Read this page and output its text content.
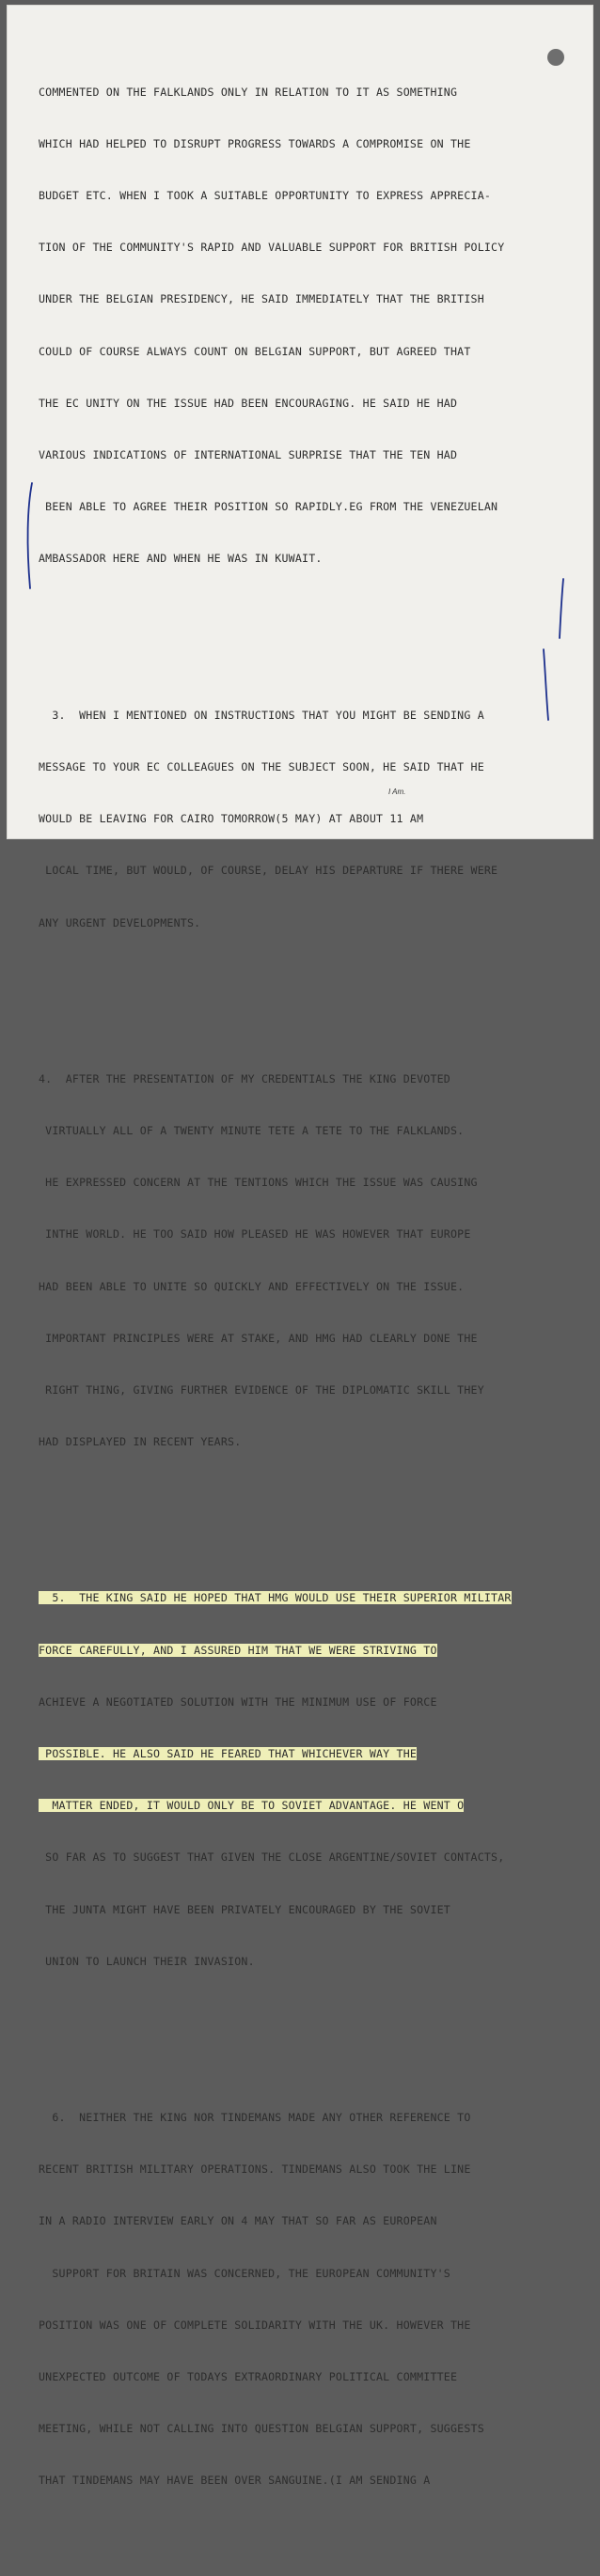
COMMENTED ON THE FALKLANDS ONLY IN RELATION TO IT AS SOMETHING

WHICH HAD HELPED TO DISRUPT PROGRESS TOWARDS A COMPROMISE ON THE

BUDGET ETC. WHEN I TOOK A SUITABLE OPPORTUNITY TO EXPRESS APPRECIA-

TION OF THE COMMUNITY'S RAPID AND VALUABLE SUPPORT FOR BRITISH POLICY

UNDER THE BELGIAN PRESIDENCY, HE SAID IMMEDIATELY THAT THE BRITISH

COULD OF COURSE ALWAYS COUNT ON BELGIAN SUPPORT, BUT AGREED THAT

THE EC UNITY ON THE ISSUE HAD BEEN ENCOURAGING. HE SAID HE HAD

VARIOUS INDICATIONS OF INTERNATIONAL SURPRISE THAT THE TEN HAD

BEEN ABLE TO AGREE THEIR POSITION SO RAPIDLY.EG FROM THE VENEZUELAN

AMBASSADOR HERE AND WHEN HE WAS IN KUWAIT.

3.  WHEN I MENTIONED ON INSTRUCTIONS THAT YOU MIGHT BE SENDING A

MESSAGE TO YOUR EC COLLEAGUES ON THE SUBJECT SOON, HE SAID THAT HE

WOULD BE LEAVING FOR CAIRO TOMORROW(5 MAY) AT ABOUT 11 AM

LOCAL TIME, BUT WOULD, OF COURSE, DELAY HIS DEPARTURE IF THERE WERE

ANY URGENT DEVELOPMENTS.

4.  AFTER THE PRESENTATION OF MY CREDENTIALS THE KING DEVOTED

VIRTUALLY ALL OF A TWENTY MINUTE TETE A TETE TO THE FALKLANDS.

HE EXPRESSED CONCERN AT THE TENTIONS WHICH THE ISSUE WAS CAUSING

INTHE WORLD. HE TOO SAID HOW PLEASED HE WAS HOWEVER THAT EUROPE

HAD BEEN ABLE TO UNITE SO QUICKLY AND EFFECTIVELY ON THE ISSUE.

IMPORTANT PRINCIPLES WERE AT STAKE, AND HMG HAD CLEARLY DONE THE

RIGHT THING, GIVING FURTHER EVIDENCE OF THE DIPLOMATIC SKILL THEY

HAD DISPLAYED IN RECENT YEARS.

5.  THE KING SAID HE HOPED THAT HMG WOULD USE THEIR SUPERIOR MILITAR

FORCE CAREFULLY, AND I ASSURED HIM THAT WE WERE STRIVING TO

ACHIEVE A NEGOTIATED SOLUTION WITH THE MINIMUM USE OF FORCE

POSSIBLE. HE ALSO SAID HE FEARED THAT WHICHEVER WAY THE

MATTER ENDED, IT WOULD ONLY BE TO SOVIET ADVANTAGE. HE WENT O

SO FAR AS TO SUGGEST THAT GIVEN THE CLOSE ARGENTINE/SOVIET CONTACTS,

THE JUNTA MIGHT HAVE BEEN PRIVATELY ENCOURAGED BY THE SOVIET

UNION TO LAUNCH THEIR INVASION.

6.  NEITHER THE KING NOR TINDEMANS MADE ANY OTHER REFERENCE TO

RECENT BRITISH MILITARY OPERATIONS. TINDEMANS ALSO TOOK THE LINE

IN A RADIO INTERVIEW EARLY ON 4 MAY THAT SO FAR AS EUROPEAN

SUPPORT FOR BRITAIN WAS CONCERNED, THE EUROPEAN COMMUNITY'S

POSITION WAS ONE OF COMPLETE SOLIDARITY WITH THE UK. HOWEVER THE

UNEXPECTED OUTCOME OF TODAYS EXTRAORDINARY POLITICAL COMMITTEE

MEETING, WHILE NOT CALLING INTO QUESTION BELGIAN SUPPORT, SUGGESTS

THAT TINDEMANS MAY HAVE BEEN OVER SANGUINE.(I AM SENDING A

I Am.
